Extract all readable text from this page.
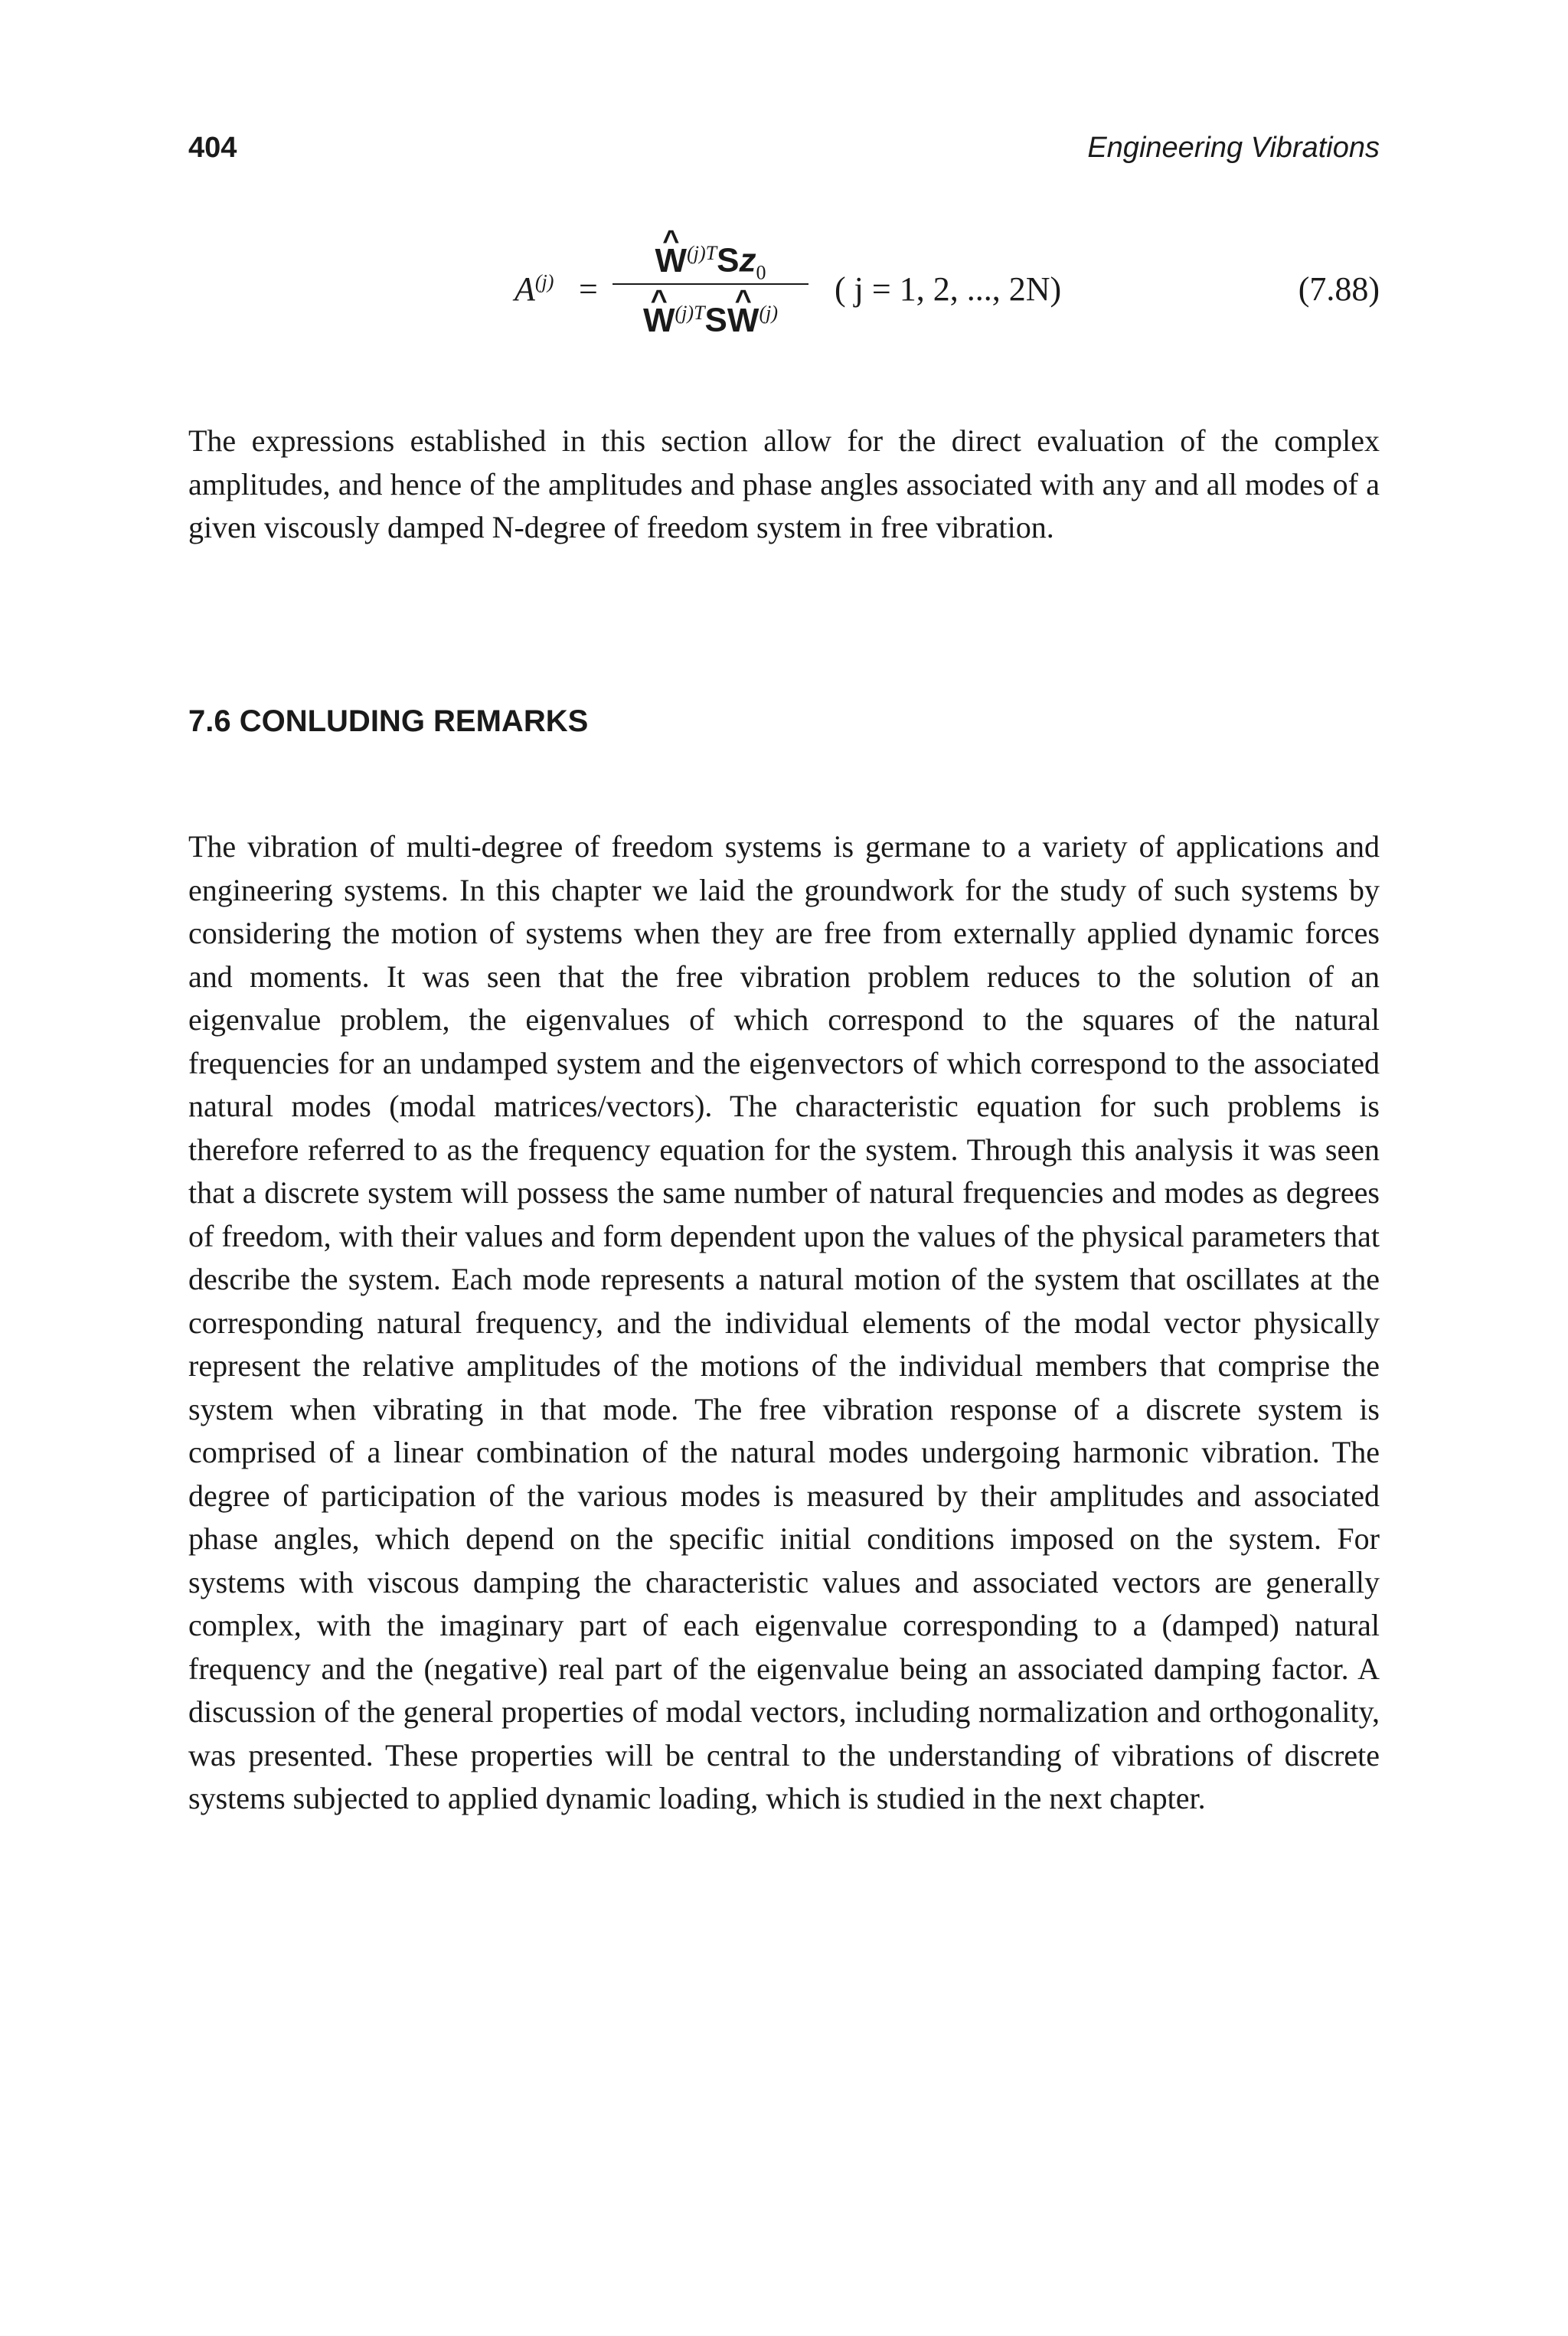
404	Engineering Vibrations
$A^{(j)}$ =
^ $W^{(j)T}Sz_0$
^ $W^{(j)T}S\^{}$ $W^{(j)}$
( j = 1, 2, ..., 2N)	(7.88)

The expressions established in this section allow for the direct evaluation of the complex amplitudes, and hence of the amplitudes and phase angles associated with any and all modes of a given viscously damped N-degree of freedom system in free vibration.

7.6 CONLUDING REMARKS

The vibration of multi-degree of freedom systems is germane to a variety of applications and engineering systems. In this chapter we laid the groundwork for the study of such systems by considering the motion of systems when they are free from externally applied dynamic forces and moments. It was seen that the free vibration problem reduces to the solution of an eigenvalue problem, the eigenvalues of which correspond to the squares of the natural frequencies for an undamped system and the eigenvectors of which correspond to the associated natural modes (modal matrices/vectors). The characteristic equation for such problems is therefore referred to as the frequency equation for the system. Through this analysis it was seen that a discrete system will possess the same number of natural frequencies and modes as degrees of freedom, with their values and form dependent upon the values of the physical parameters that describe the system. Each mode represents a natural motion of the system that oscillates at the corresponding natural frequency, and the individual elements of the modal vector physically represent the relative amplitudes of the motions of the individual members that comprise the system when vibrating in that mode. The free vibration response of a discrete system is comprised of a linear combination of the natural modes undergoing harmonic vibration. The degree of participation of the various modes is measured by their amplitudes and associated phase angles, which depend on the specific initial conditions imposed on the system. For systems with viscous damping the characteristic values and associated vectors are generally complex, with the imaginary part of each eigenvalue corresponding to a (damped) natural frequency and the (negative) real part of the eigenvalue being an associated damping factor. A discussion of the general properties of modal vectors, including normalization and orthogonality, was presented. These properties will be central to the understanding of vibrations of discrete systems subjected to applied dynamic loading, which is studied in the next chapter.
